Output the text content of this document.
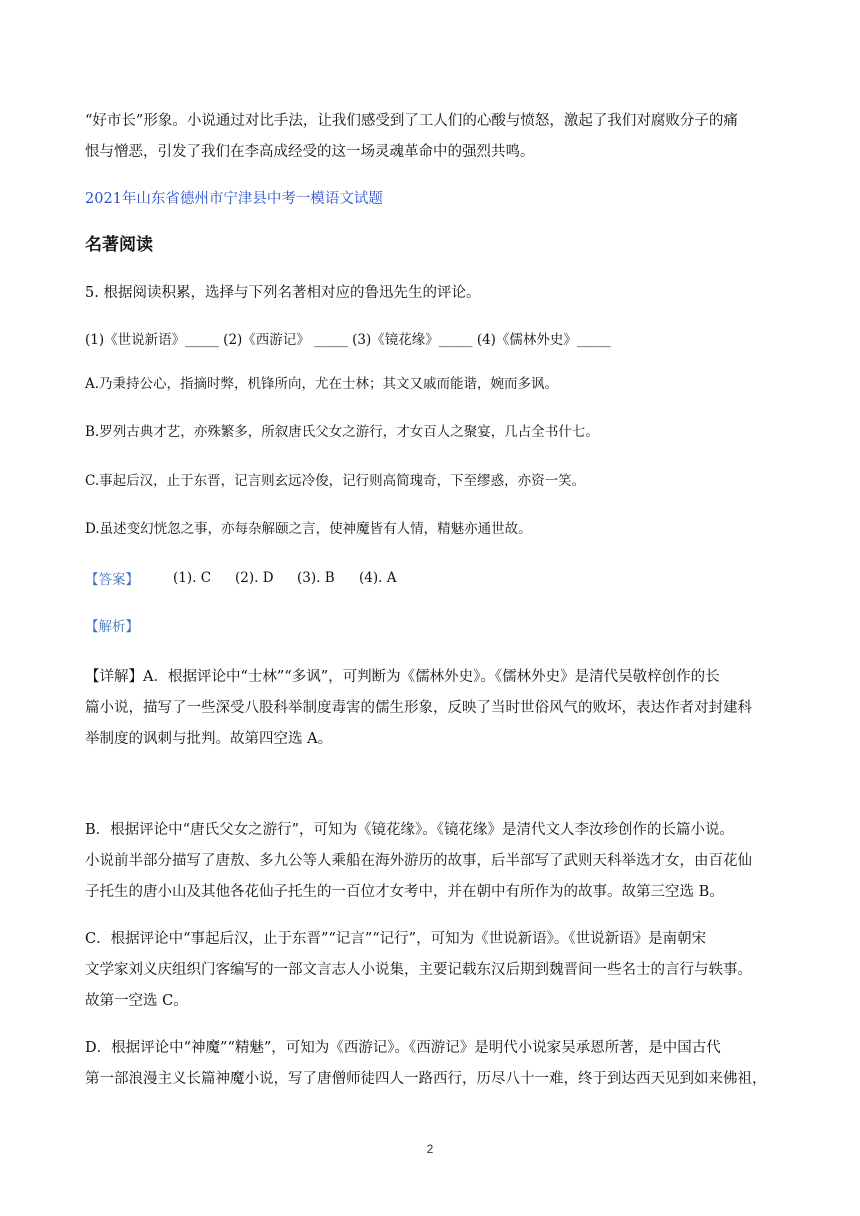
“好市长”形象。小说通过对比手法，让我们感受到了工人们的心酸与愤怒，激起了我们对腐败分子的痛

恨与憎恶，引发了我们在李高成经受的这一场灵魂革命中的强烈共鸣。

2021年山东省德州市宁津县中考一模语文试题

名著阅读

5. 根据阅读积累，选择与下列名著相对应的鲁迅先生的评论。

(1)《世说新语》_____ (2)《西游记》 _____ (3)《镜花缘》_____ (4)《儒林外史》_____

A.乃秉持公心，指摘时弊，机锋所向，尤在士林；其文又戚而能谐，婉而多讽。

B.罗列古典才艺，亦殊繁多，所叙唐氏父女之游行，才女百人之聚宴，几占全书什七。

C.事起后汉，止于东晋，记言则玄远冷俊，记行则高简瑰奇，下至缪惑，亦资一笑。

D.虽述变幻恍忽之事，亦每杂解颐之言，使神魔皆有人情，精魅亦通世故。

【答案】	(1). C	(2). D	(3). B	(4). A

【解析】

【详解】A．根据评论中“士林”“多讽”，可判断为《儒林外史》。《儒林外史》是清代吴敬梓创作的长

篇小说，描写了一些深受八股科举制度毒害的儒生形象，反映了当时世俗风气的败坏，表达作者对封建科

举制度的讽刺与批判。故第四空选 A。

B．根据评论中“唐氏父女之游行”，可知为《镜花缘》。《镜花缘》是清代文人李汝珍创作的长篇小说。

小说前半部分描写了唐敖、多九公等人乘船在海外游历的故事，后半部写了武则天科举选才女，由百花仙

子托生的唐小山及其他各花仙子托生的一百位才女考中，并在朝中有所作为的故事。故第三空选 B。

C．根据评论中“事起后汉，止于东晋”“记言”“记行”，可知为《世说新语》。《世说新语》是南朝宋

文学家刘义庆组织门客编写的一部文言志人小说集，主要记载东汉后期到魏晋间一些名士的言行与轶事。

故第一空选 C。

D．根据评论中“神魔”“精魅”，可知为《西游记》。《西游记》是明代小说家吴承恩所著，是中国古代

第一部浪漫主义长篇神魔小说，写了唐僧师徒四人一路西行，历尽八十一难，终于到达西天见到如来佛祖，

2
